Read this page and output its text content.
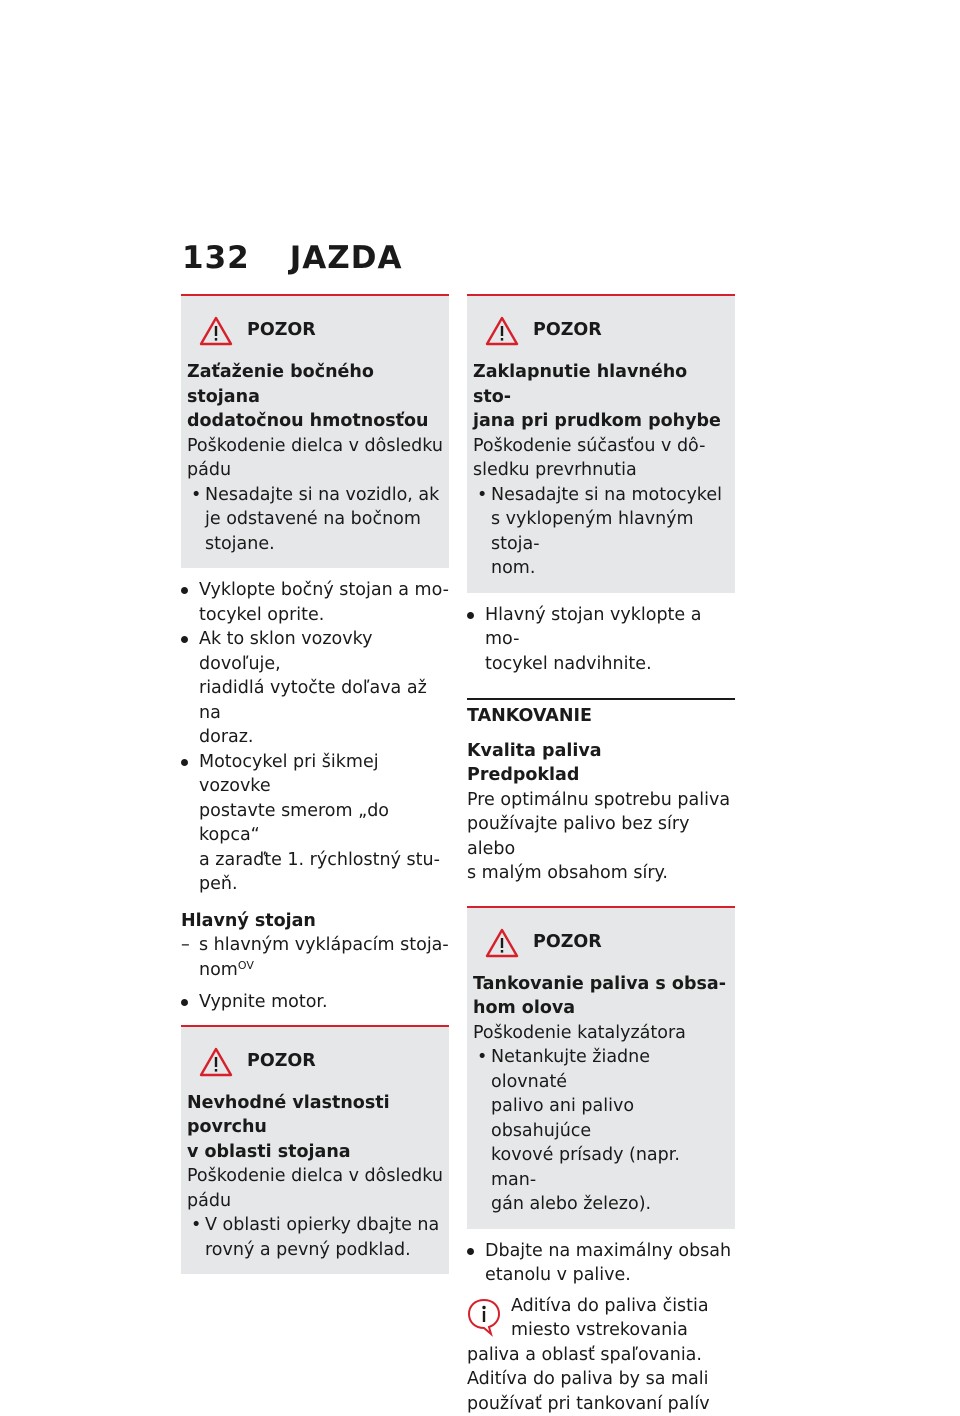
132 JAZDA
POZOR
Zaťaženie bočného stojana
dodatočnou hmotnosťou
Poškodenie dielca v dôsledku
pádu
• Nesadajte si na vozidlo, ak
je odstavené na bočnom
stojane.
Vyklopte bočný stojan a mo-
tocykel oprite.
Ak to sklon vozovky dovoľuje,
riadidlá vytočte doľava až na
doraz.
Motocykel pri šikmej vozovke
postavte smerom „do kopca“
a zaraďte 1. rýchlostný stu-
peň.
Hlavný stojan
– s hlavným vyklápacím stoja-
nom$^{OV}$
Vypnite motor.
POZOR
Nevhodné vlastnosti povrchu
v oblasti stojana
Poškodenie dielca v dôsledku
pádu
• V oblasti opierky dbajte na
rovný a pevný podklad.
POZOR
Zaklapnutie hlavného sto-
jana pri prudkom pohybe
Poškodenie súčasťou v dô-
sledku prevrhnutia
• Nesadajte si na motocykel
s vyklopeným hlavným stoja-
nom.
Hlavný stojan vyklopte a mo-
tocykel nadvihnite.
TANKOVANIE
Kvalita paliva
Predpoklad
Pre optimálnu spotrebu paliva
používajte palivo bez síry alebo
s malým obsahom síry.
POZOR
Tankovanie paliva s obsa-
hom olova
Poškodenie katalyzátora
• Netankujte žiadne olovnaté
palivo ani palivo obsahujúce
kovové prísady (napr. man-
gán alebo železo).
Dbajte na maximálny obsah
etanolu v palive.
Aditíva do paliva čistia
miesto vstrekovania
paliva a oblasť spaľovania.
Aditíva do paliva by sa mali
používať pri tankovaní palív
